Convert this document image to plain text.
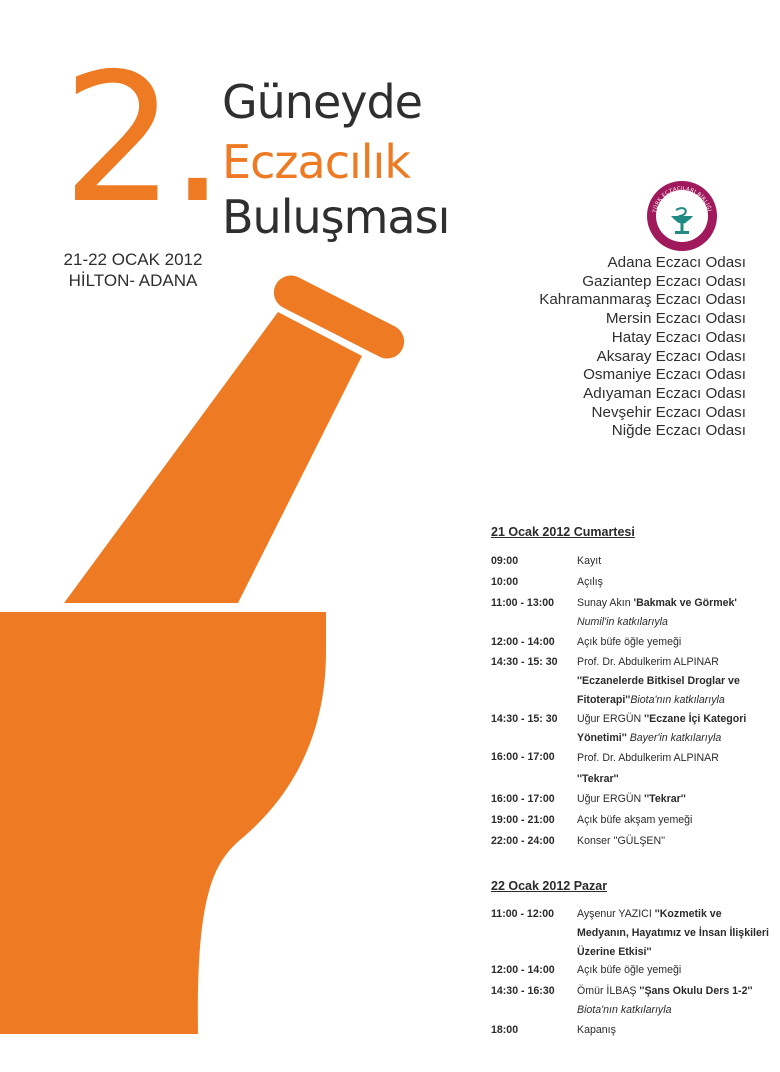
2. Güneyde
Eczacılık
Buluşması
21-22 OCAK 2012
HİLTON- ADANA
TÜRK ECZACILARI BİRLİĞİ
Adana Eczacı Odası
Gaziantep Eczacı Odası
Kahramanmaraş Eczacı Odası
Mersin Eczacı Odası
Hatay Eczacı Odası
Aksaray Eczacı Odası
Osmaniye Eczacı Odası
Adıyaman Eczacı Odası
Nevşehir Eczacı Odası
Niğde Eczacı Odası
21 Ocak 2012 Cumartesi
09:00	Kayıt
10:00	Açılış
11:00 - 13:00 Sunay Akın 'Bakmak ve Görmek'
Numil'in katkılarıyla
12:00 - 14:00 Açık büfe öğle yemeği
14:30 - 15: 30 Prof. Dr. Abdulkerim ALPINAR ''Eczanelerde Bitkisel Droglar ve Fitoterapi''Biota'nın katkılarıyla
14:30 - 15: 30 Uğur ERGÜN ''Eczane İçi Kategori Yönetimi'' Bayer'in katkılarıyla
16:00 - 17:00 Prof. Dr. Abdulkerim ALPINAR
''Tekrar''
16:00 - 17:00 Uğur ERGÜN ''Tekrar''
19:00 - 21:00 Açık büfe akşam yemeği
22:00 - 24:00 Konser ''GÜLŞEN''
22 Ocak 2012 Pazar
11:00 - 12:00 Ayşenur YAZICI ''Kozmetik ve Medyanın, Hayatımız ve İnsan İlişkileri Üzerine Etkisi''
12:00 - 14:00 Açık büfe öğle yemeği
14:30 - 16:30 Ömür İLBAŞ ''Şans Okulu Ders 1-2''
Biota'nın katkılarıyla
18:00	Kapanış
